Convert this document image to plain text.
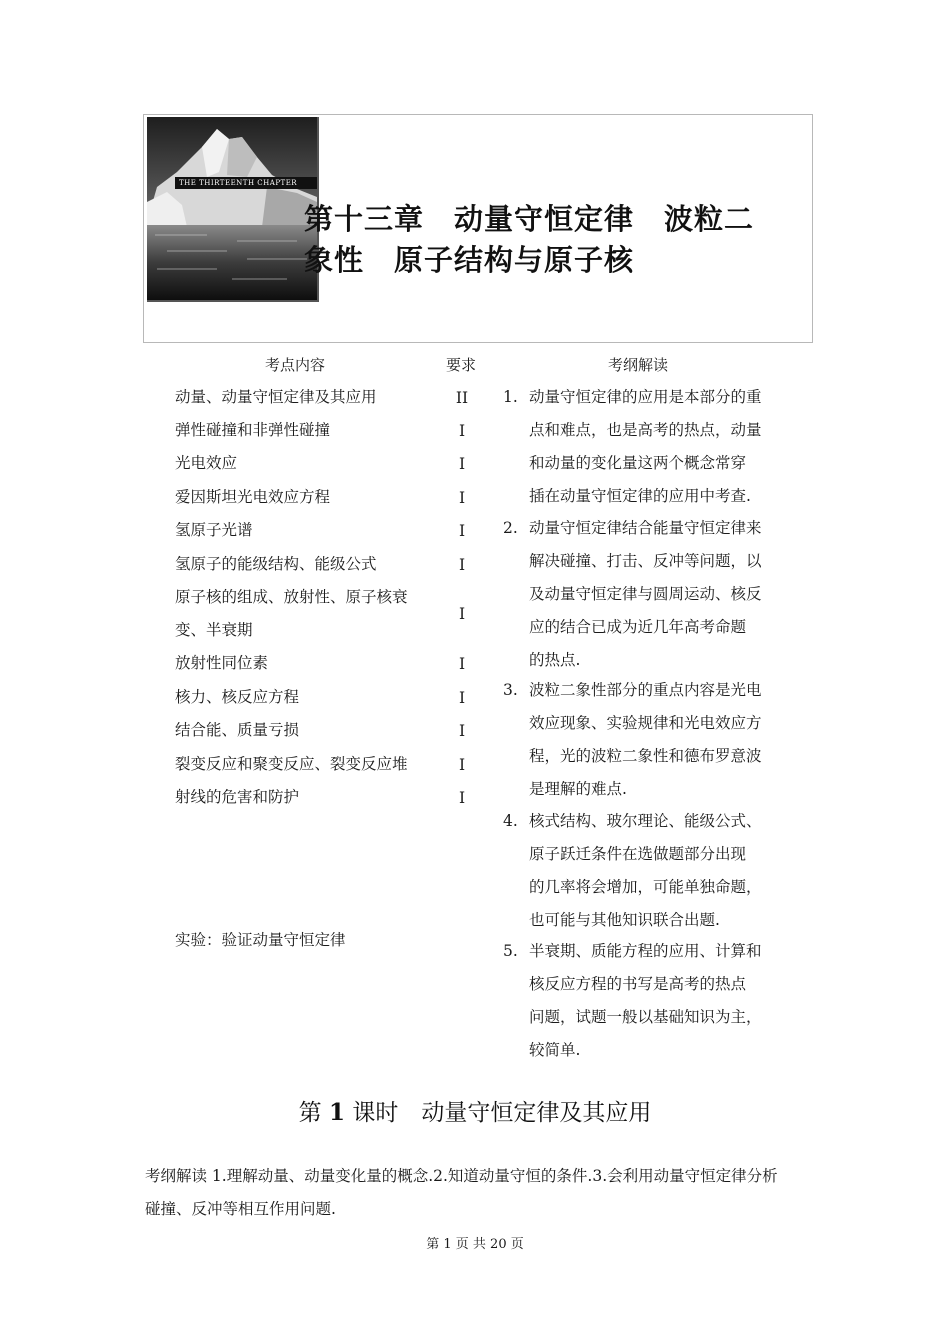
THE THIRTEENTH CHAPTER
第十三章　动量守恒定律　波粒二
象性　原子结构与原子核
考点内容	要求	考纲解读
动量、动量守恒定律及其应用
弹性碰撞和非弹性碰撞
光电效应
爱因斯坦光电效应方程
氢原子光谱
氢原子的能级结构、能级公式
原子核的组成、放射性、原子核衰变、半衰期
放射性同位素
核力、核反应方程
结合能、质量亏损
裂变反应和聚变反应、裂变反应堆
射线的危害和防护
II
I
I
I
I
I
I
I
I
I
I
I
实验：验证动量守恒定律
1. 动量守恒定律的应用是本部分的重
点和难点，也是高考的热点，动量
和动量的变化量这两个概念常穿
插在动量守恒定律的应用中考查.
2. 动量守恒定律结合能量守恒定律来
解决碰撞、打击、反冲等问题，以
及动量守恒定律与圆周运动、核反
应的结合已成为近几年高考命题
的热点.
3. 波粒二象性部分的重点内容是光电
效应现象、实验规律和光电效应方
程，光的波粒二象性和德布罗意波
是理解的难点.
4. 核式结构、玻尔理论、能级公式、
原子跃迁条件在选做题部分出现
的几率将会增加，可能单独命题，
也可能与其他知识联合出题.
5. 半衰期、质能方程的应用、计算和
核反应方程的书写是高考的热点
问题，试题一般以基础知识为主，
较简单.
第 1 课时　动量守恒定律及其应用
考纲解读 1.理解动量、动量变化量的概念.2.知道动量守恒的条件.3.会利用动量守恒定律分析
碰撞、反冲等相互作用问题.
第 1 页 共 20 页
